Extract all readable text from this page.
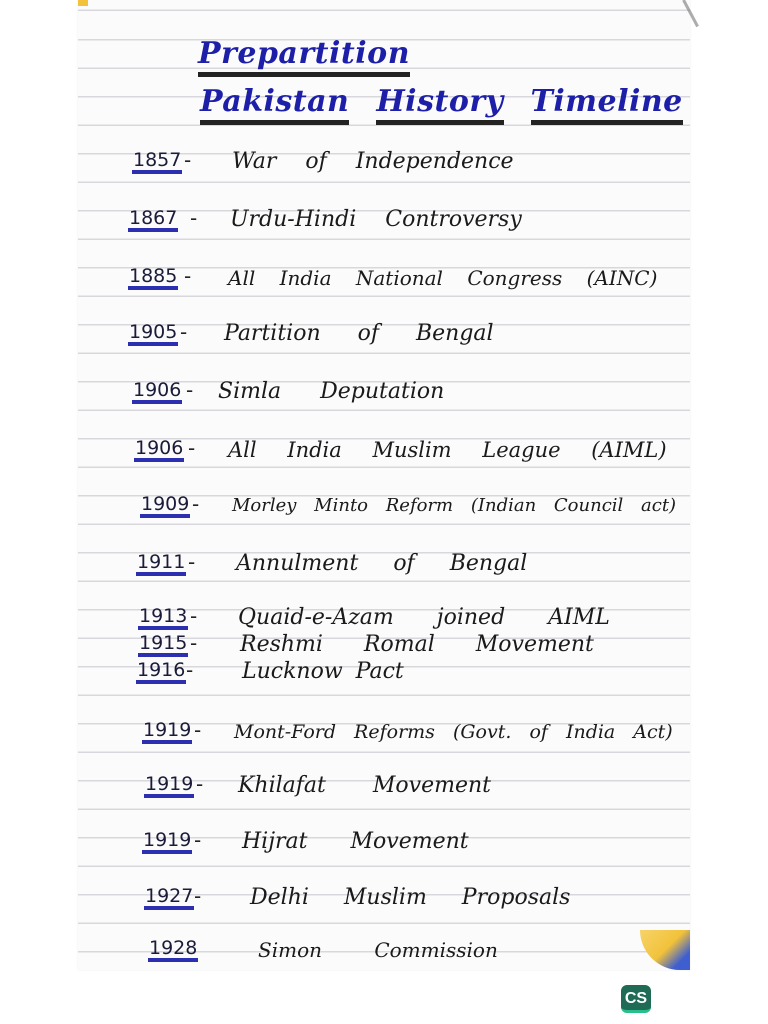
Prepartition
Pakistan History Timeline
1857 - War of Independence
1867 - Urdu-Hindi Controversy
1885 - All India National Congress (AINC)
1905 - Partition of Bengal
1906 - Simla Deputation
1906 - All India Muslim League (AIML)
1909 - Morley Minto Reform (Indian Council act)
1911 - Annulment of Bengal
1913 - Quaid-e-Azam joined AIML
1915 - Reshmi Romal Movement
1916 - Lucknow Pact
1919 - Mont-Ford Reforms (Govt. of India Act)
1919 - Khilafat Movement
1919 - Hijrat Movement
1927 - Delhi Muslim Proposals
1928	Simon Commission
CS
